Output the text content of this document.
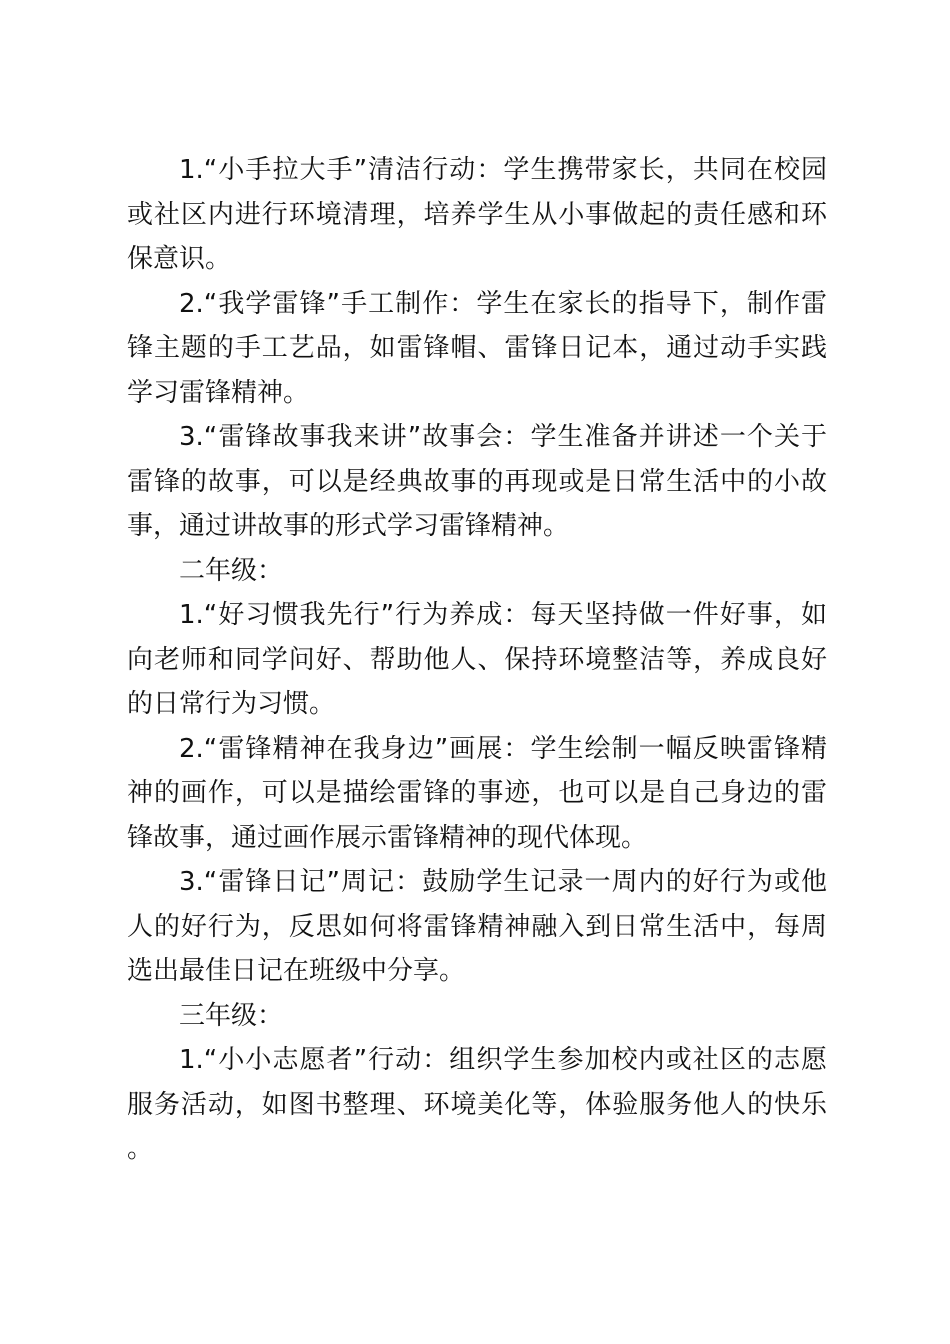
1.“小手拉大手”清洁行动：学生携带家长，共同在校园或社区内进行环境清理，培养学生从小事做起的责任感和环保意识。

2.“我学雷锋”手工制作：学生在家长的指导下，制作雷锋主题的手工艺品，如雷锋帽、雷锋日记本，通过动手实践学习雷锋精神。

3.“雷锋故事我来讲”故事会：学生准备并讲述一个关于雷锋的故事，可以是经典故事的再现或是日常生活中的小故事，通过讲故事的形式学习雷锋精神。

二年级：

1.“好习惯我先行”行为养成：每天坚持做一件好事，如向老师和同学问好、帮助他人、保持环境整洁等，养成良好的日常行为习惯。

2.“雷锋精神在我身边”画展：学生绘制一幅反映雷锋精神的画作，可以是描绘雷锋的事迹，也可以是自己身边的雷锋故事，通过画作展示雷锋精神的现代体现。

3.“雷锋日记”周记：鼓励学生记录一周内的好行为或他人的好行为，反思如何将雷锋精神融入到日常生活中，每周选出最佳日记在班级中分享。

三年级：

1.“小小志愿者”行动：组织学生参加校内或社区的志愿服务活动，如图书整理、环境美化等，体验服务他人的快乐。
